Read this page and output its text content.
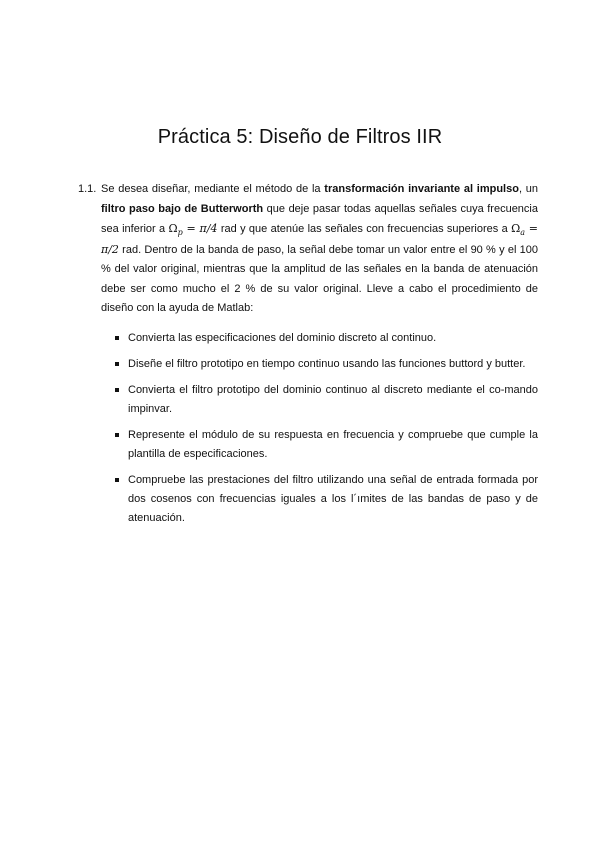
Práctica 5: Diseño de Filtros IIR
1.1. Se desea diseñar, mediante el método de la transformación invariante al impulso, un filtro paso bajo de Butterworth que deje pasar todas aquellas señales cuya frecuencia sea inferior a $\Omega_p = \pi/4$ rad y que atenúe las señales con frecuencias superiores a $\Omega_a = \pi/2$ rad. Dentro de la banda de paso, la señal debe tomar un valor entre el 90 % y el 100 % del valor original, mientras que la amplitud de las señales en la banda de atenuación debe ser como mucho el 2 % de su valor original. Lleve a cabo el procedimiento de diseño con la ayuda de Matlab:
Convierta las especificaciones del dominio discreto al continuo.
Diseñe el filtro prototipo en tiempo continuo usando las funciones buttord y butter.
Convierta el filtro prototipo del dominio continuo al discreto mediante el co-mando impinvar.
Represente el módulo de su respuesta en frecuencia y compruebe que cumple la plantilla de especificaciones.
Compruebe las prestaciones del filtro utilizando una señal de entrada formada por dos cosenos con frecuencias iguales a los l´ımites de las bandas de paso y de atenuación.
